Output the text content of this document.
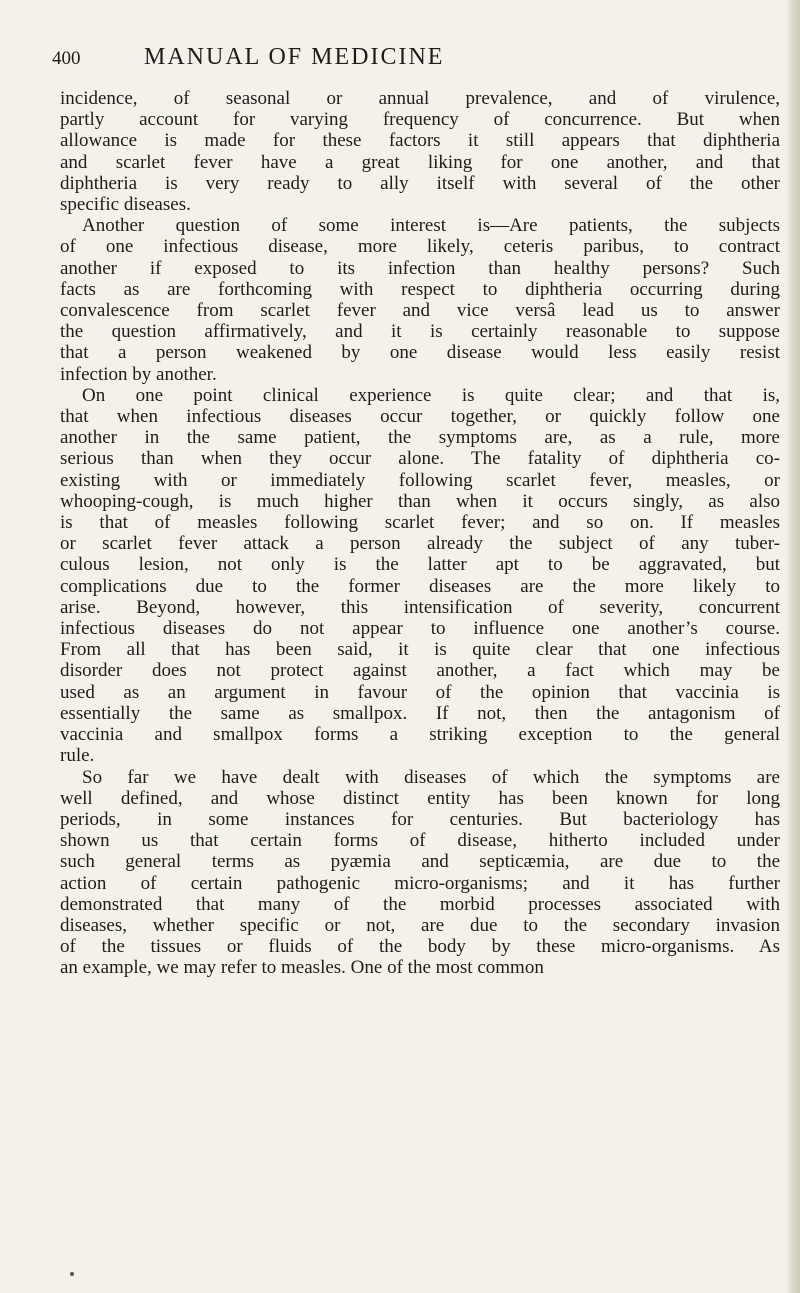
400	MANUAL OF MEDICINE
incidence, of seasonal or annual prevalence, and of virulence,
partly account for varying frequency of concurrence. But when
allowance is made for these factors it still appears that diphtheria
and scarlet fever have a great liking for one another, and that
diphtheria is very ready to ally itself with several of the other
specific diseases.
Another question of some interest is—Are patients, the subjects
of one infectious disease, more likely, ceteris paribus, to contract
another if exposed to its infection than healthy persons? Such
facts as are forthcoming with respect to diphtheria occurring during
convalescence from scarlet fever and vice versâ lead us to answer
the question affirmatively, and it is certainly reasonable to suppose
that a person weakened by one disease would less easily resist
infection by another.
On one point clinical experience is quite clear; and that is,
that when infectious diseases occur together, or quickly follow one
another in the same patient, the symptoms are, as a rule, more
serious than when they occur alone. The fatality of diphtheria co-
existing with or immediately following scarlet fever, measles, or
whooping-cough, is much higher than when it occurs singly, as also
is that of measles following scarlet fever; and so on. If measles
or scarlet fever attack a person already the subject of any tuber-
culous lesion, not only is the latter apt to be aggravated, but
complications due to the former diseases are the more likely to
arise. Beyond, however, this intensification of severity, concurrent
infectious diseases do not appear to influence one another’s course.
From all that has been said, it is quite clear that one infectious
disorder does not protect against another, a fact which may be
used as an argument in favour of the opinion that vaccinia is
essentially the same as smallpox. If not, then the antagonism of
vaccinia and smallpox forms a striking exception to the general
rule.
So far we have dealt with diseases of which the symptoms are
well defined, and whose distinct entity has been known for long
periods, in some instances for centuries. But bacteriology has
shown us that certain forms of disease, hitherto included under
such general terms as pyæmia and septicæmia, are due to the
action of certain pathogenic micro-organisms; and it has further
demonstrated that many of the morbid processes associated with
diseases, whether specific or not, are due to the secondary invasion
of the tissues or fluids of the body by these micro-organisms. As
an example, we may refer to measles. One of the most common
